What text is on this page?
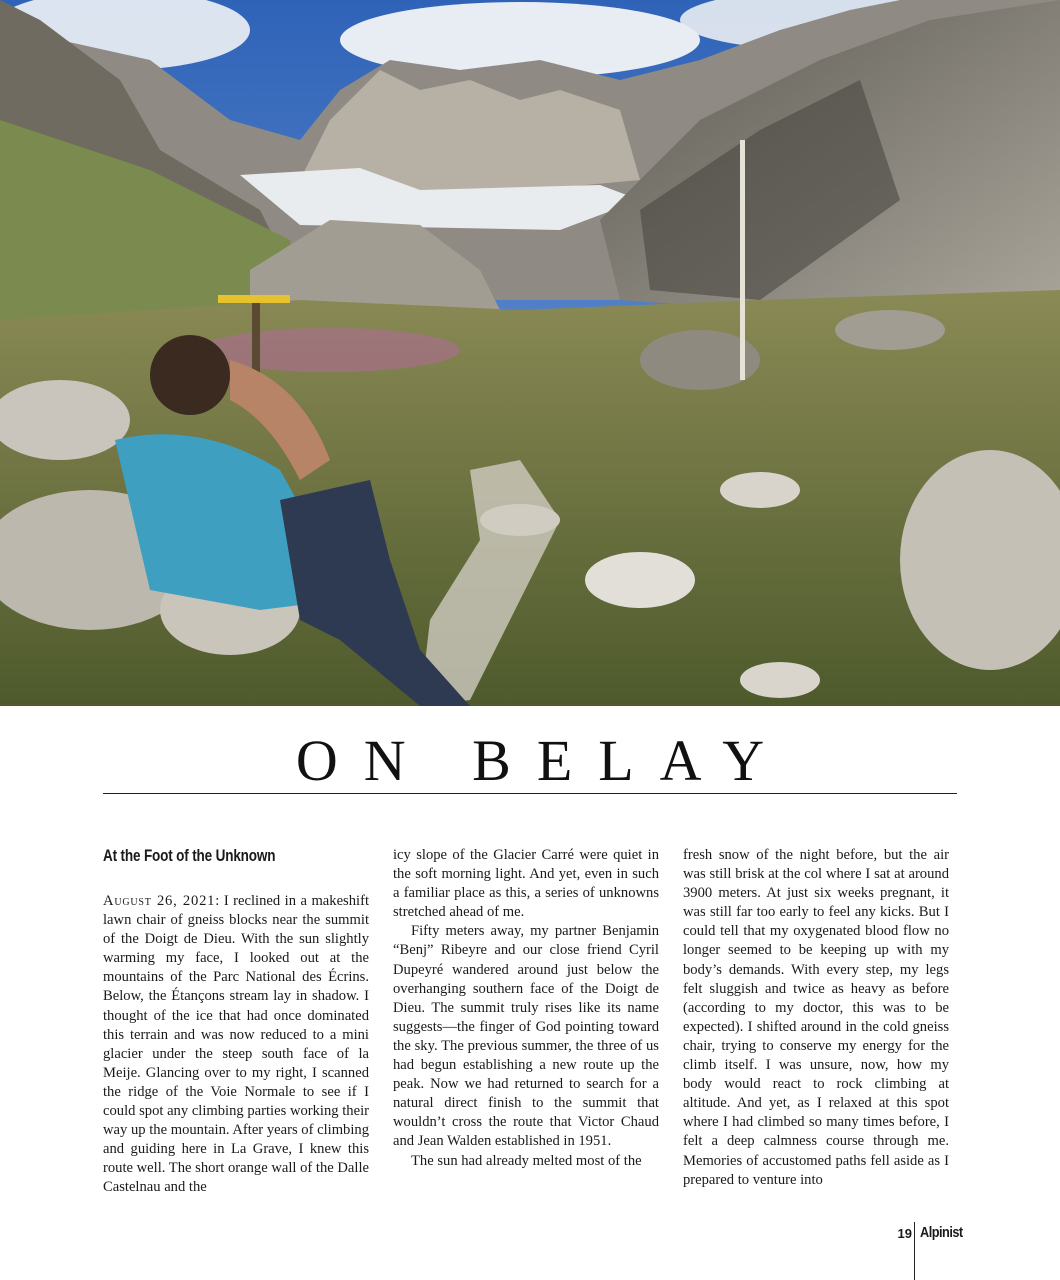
ON BELAY
At the Foot of the Unknown

August 26, 2021: I reclined in a makeshift lawn chair of gneiss blocks near the summit of the Doigt de Dieu. With the sun slightly warming my face, I looked out at the mountains of the Parc National des Écrins. Below, the Étançons stream lay in shadow. I thought of the ice that had once dominated this terrain and was now reduced to a mini glacier under the steep south face of la Meije. Glancing over to my right, I scanned the ridge of the Voie Normale to see if I could spot any climbing parties working their way up the mountain. After years of climbing and guiding here in La Grave, I knew this route well. The short orange wall of the Dalle Castelnau and the

icy slope of the Glacier Carré were quiet in the soft morning light. And yet, even in such a familiar place as this, a series of unknowns stretched ahead of me.

Fifty meters away, my partner Benjamin “Benj” Ribeyre and our close friend Cyril Dupeyré wandered around just below the overhanging southern face of the Doigt de Dieu. The summit truly rises like its name suggests—the finger of God pointing toward the sky. The previous summer, the three of us had begun establishing a new route up the peak. Now we had returned to search for a natural direct finish to the summit that wouldn’t cross the route that Victor Chaud and Jean Walden established in 1951.

The sun had already melted most of the

fresh snow of the night before, but the air was still brisk at the col where I sat at around 3900 meters. At just six weeks pregnant, it was still far too early to feel any kicks. But I could tell that my oxygenated blood flow no longer seemed to be keeping up with my body’s demands. With every step, my legs felt sluggish and twice as heavy as before (according to my doctor, this was to be expected). I shifted around in the cold gneiss chair, trying to conserve my energy for the climb itself. I was unsure, now, how my body would react to rock climbing at altitude. And yet, as I relaxed at this spot where I had climbed so many times before, I felt a deep calmness course through me. Memories of accustomed paths fell aside as I prepared to venture into

19 Alpinist
